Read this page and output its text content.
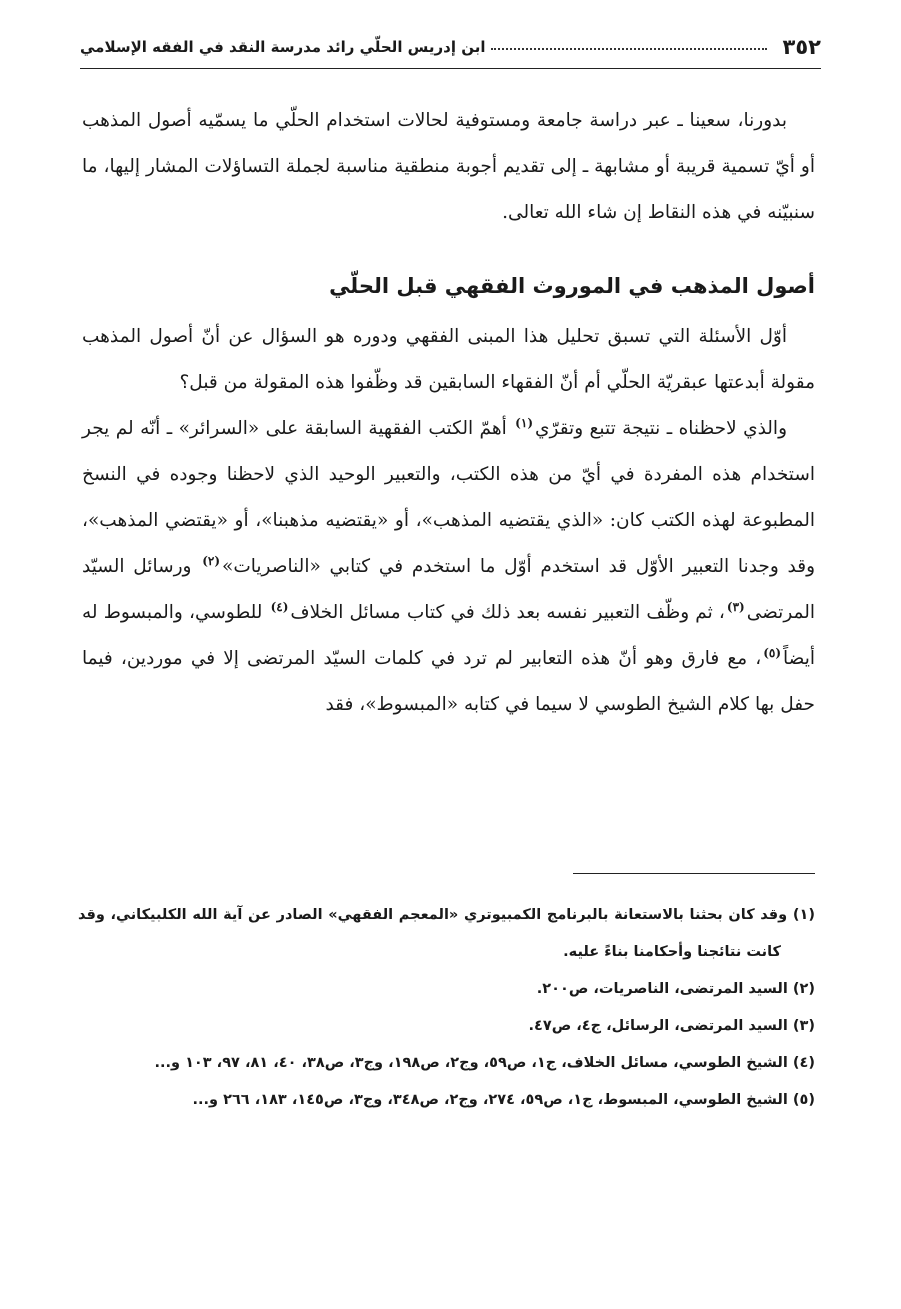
٣٥٢
ابن إدريس الحلّي رائد مدرسة النقد في الفقه الإسلامي

بدورنا، سعينا ـ عبر دراسة جامعة ومستوفية لحالات استخدام الحلّي ما يسمّيه أصول المذهب أو أيّ تسمية قريبة أو مشابهة ـ إلى تقديم أجوبة منطقية مناسبة لجملة التساؤلات المشار إليها، ما سنبيّنه في هذه النقاط إن شاء الله تعالى.

أصول المذهب في الموروث الفقهي قبل الحلّي

أوّل الأسئلة التي تسبق تحليل هذا المبنى الفقهي ودوره هو السؤال عن أنّ أصول المذهب مقولة أبدعتها عبقريّة الحلّي أم أنّ الفقهاء السابقين قد وظّفوا هذه المقولة من قبل؟

والذي لاحظناه ـ نتيجة تتبع وتقرّي$^{(١)}$ أهمّ الكتب الفقهية السابقة على «السرائر» ـ أنّه لم يجر استخدام هذه المفردة في أيّ من هذه الكتب، والتعبير الوحيد الذي لاحظنا وجوده في النسخ المطبوعة لهذه الكتب كان: «الذي يقتضيه المذهب»، أو «يقتضيه مذهبنا»، أو «يقتضي المذهب»، وقد وجدنا التعبير الأوّل قد استخدم أوّل ما استخدم في كتابي «الناصريات»$^{(٢)}$ ورسائل السيّد المرتضى$^{(٣)}$، ثم وظّف التعبير نفسه بعد ذلك في كتاب مسائل الخلاف$^{(٤)}$ للطوسي، والمبسوط له أيضاً$^{(٥)}$، مع فارق وهو أنّ هذه التعابير لم ترد في كلمات السيّد المرتضى إلا في موردين، فيما حفل بها كلام الشيخ الطوسي لا سيما في كتابه «المبسوط»، فقد

(١) وقد كان بحثنا بالاستعانة بالبرنامج الكمبيوتري «المعجم الفقهي» الصادر عن آية الله الكلبيكاني، وقد كانت نتائجنا وأحكامنا بناءً عليه.

(٢) السيد المرتضى، الناصريات، ص٢٠٠.

(٣) السيد المرتضى، الرسائل، ج٤، ص٤٧.

(٤) الشيخ الطوسي، مسائل الخلاف، ج١، ص٥٩، وج٢، ص١٩٨، وج٣، ص٣٨، ٤٠، ٨١، ٩٧، ١٠٣ و...

(٥) الشيخ الطوسي، المبسوط، ج١، ص٥٩، ٢٧٤، وج٢، ص٣٤٨، وج٣، ص١٤٥، ١٨٣، ٢٦٦ و...
